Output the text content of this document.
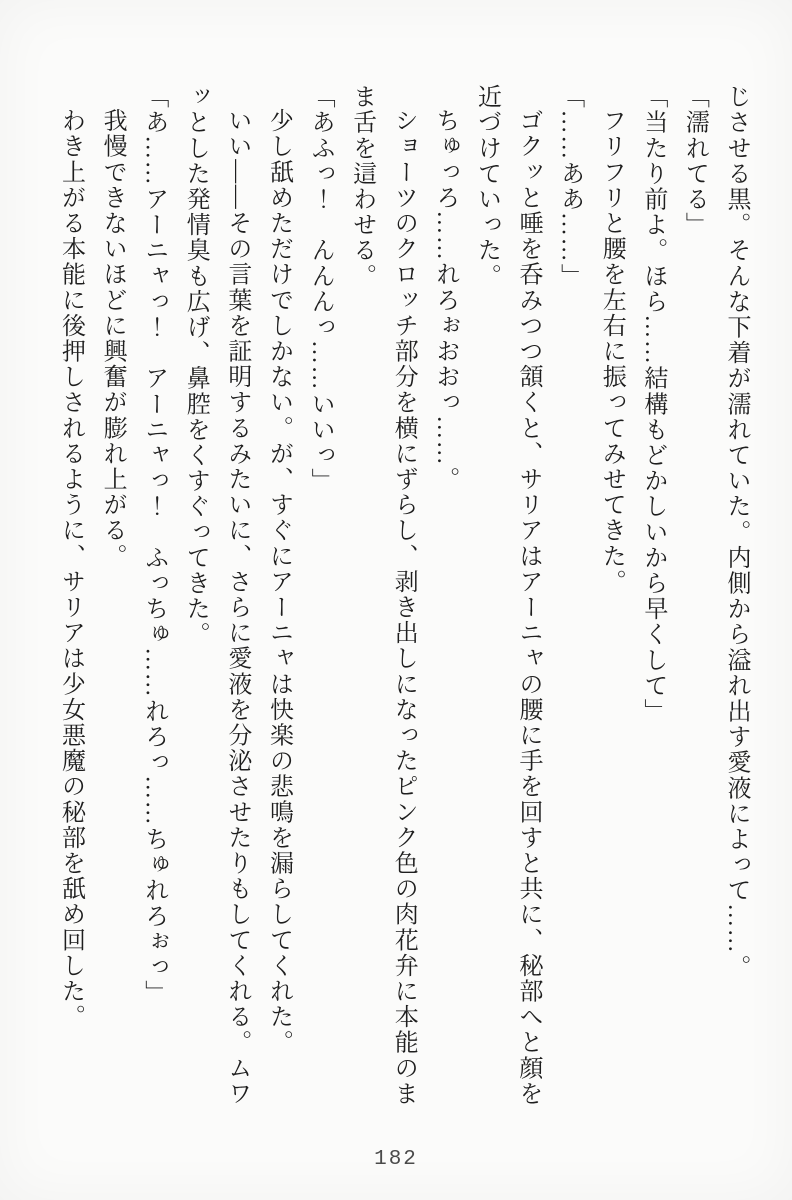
じさせる黒。そんな下着が濡れていた。内側から溢れ出す愛液によって……。

「濡れてる」

「当たり前よ。ほら……結構もどかしいから早くして」

フリフリと腰を左右に振ってみせてきた。

「……ああ……」

ゴクッと唾を呑みつつ頷くと、サリアはアーニャの腰に手を回すと共に、秘部へと顔を

近づけていった。

ちゅっろ……れろぉおおっ……。

ショーツのクロッチ部分を横にずらし、剥き出しになったピンク色の肉花弁に本能のま

ま舌を這わせる。

「あふっ！　んんんっ……いいっ」

少し舐めただけでしかない。が、すぐにアーニャは快楽の悲鳴を漏らしてくれた。

いい――その言葉を証明するみたいに、さらに愛液を分泌させたりもしてくれる。ムワ

ッとした発情臭も広げ、鼻腔をくすぐってきた。

「あ……アーニャっ！　アーニャっ！　ふっちゅ……れろっ……ちゅれろぉっ」

我慢できないほどに興奮が膨れ上がる。

わき上がる本能に後押しされるように、サリアは少女悪魔の秘部を舐め回した。

182
